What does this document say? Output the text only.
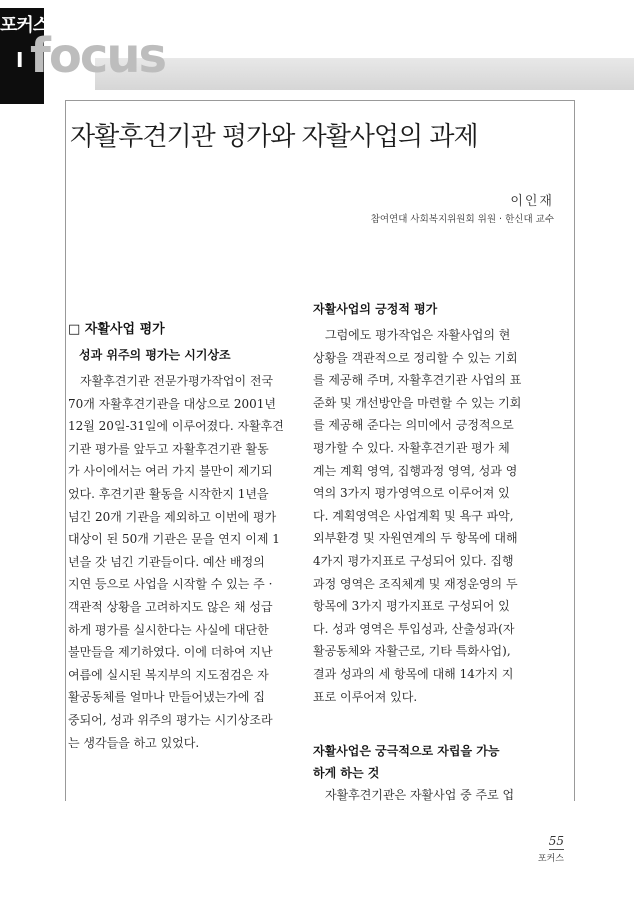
포커스
I focus
자활후견기관 평가와 자활사업의 과제
이인재
참여연대 사회복지위원회 위원 · 한신대 교수
□ 자활사업 평가
성과 위주의 평가는 시기상조
자활후견기관 전문가평가작업이 전국
70개 자활후견기관을 대상으로 2001년
12월 20일-31일에 이루어졌다. 자활후견
기관 평가를 앞두고 자활후견기관 활동
가 사이에서는 여러 가지 불만이 제기되
었다. 후견기관 활동을 시작한지 1년을
넘긴 20개 기관을 제외하고 이번에 평가
대상이 된 50개 기관은 문을 연지 이제 1
년을 갓 넘긴 기관들이다. 예산 배정의
지연 등으로 사업을 시작할 수 있는 주 ·
객관적 상황을 고려하지도 않은 채 성급
하게 평가를 실시한다는 사실에 대단한
불만들을 제기하였다. 이에 더하여 지난
여름에 실시된 복지부의 지도점검은 자
활공동체를 얼마나 만들어냈는가에 집
중되어, 성과 위주의 평가는 시기상조라
는 생각들을 하고 있었다.
자활사업의 긍정적 평가
그럼에도 평가작업은 자활사업의 현
상황을 객관적으로 정리할 수 있는 기회
를 제공해 주며, 자활후견기관 사업의 표
준화 및 개선방안을 마련할 수 있는 기회
를 제공해 준다는 의미에서 긍정적으로
평가할 수 있다. 자활후견기관 평가 체
계는 계획 영역, 집행과정 영역, 성과 영
역의 3가지 평가영역으로 이루어져 있
다. 계획영역은 사업계획 및 욕구 파악,
외부환경 및 자원연계의 두 항목에 대해
4가지 평가지표로 구성되어 있다. 집행
과정 영역은 조직체계 및 재정운영의 두
항목에 3가지 평가지표로 구성되어 있
다. 성과 영역은 투입성과, 산출성과(자
활공동체와 자활근로, 기타 특화사업),
결과 성과의 세 항목에 대해 14가지 지
표로 이루어져 있다.
자활사업은 궁극적으로 자립을 가능
하게 하는 것
자활후견기관은 자활사업 중 주로 업
55
포커스
